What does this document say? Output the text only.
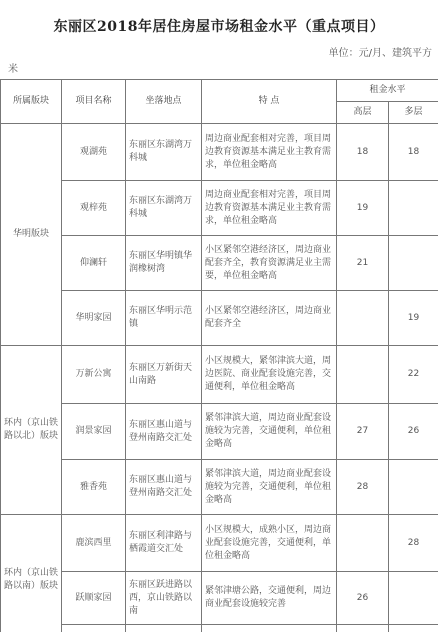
东丽区2018年居住房屋市场租金水平（重点项目）
单位：元/月、建筑平方
米
所属版块	项目名称	坐落地点	特 点	租金水平	
				高层	多层
华明版块	观湖苑	东丽区东湖湾万科城	周边商业配套相对完善，项目周边教育资源基本满足业主教育需求，单位租金略高	18	18
	观梓苑	东丽区东湖湾万科城	周边商业配套相对完善，项目周边教育资源基本满足业主教育需求，单位租金略高	19	
	仰澜轩	东丽区华明镇华润橡树湾	小区紧邻空港经济区，周边商业配套齐全，教育资源满足业主需要，单位租金略高	21	
	华明家园	东丽区华明示范镇	小区紧邻空港经济区，周边商业配套齐全		19
环内（京山铁路以北）版块	万新公寓	东丽区万新街天山南路	小区规模大，紧邻津滨大道，周边医院、商业配套设施完善，交通便利，单位租金略高		22
	润景家园	东丽区惠山道与登州南路交汇处	紧邻津滨大道，周边商业配套设施较为完善，交通便利，单位租金略高	27	26
	雅香苑	东丽区惠山道与登州南路交汇处	紧邻津滨大道，周边商业配套设施较为完善，交通便利，单位租金略高	28	
环内（京山铁路以南）版块	鹿滨西里	东丽区利津路与栖霞道交汇处	小区规模大，成熟小区，周边商业配套设施完善，交通便利，单位租金略高		28
	跃顺家园	东丽区跃进路以西，京山铁路以南	紧邻津塘公路，交通便利，周边商业配套设施较完善	26	
